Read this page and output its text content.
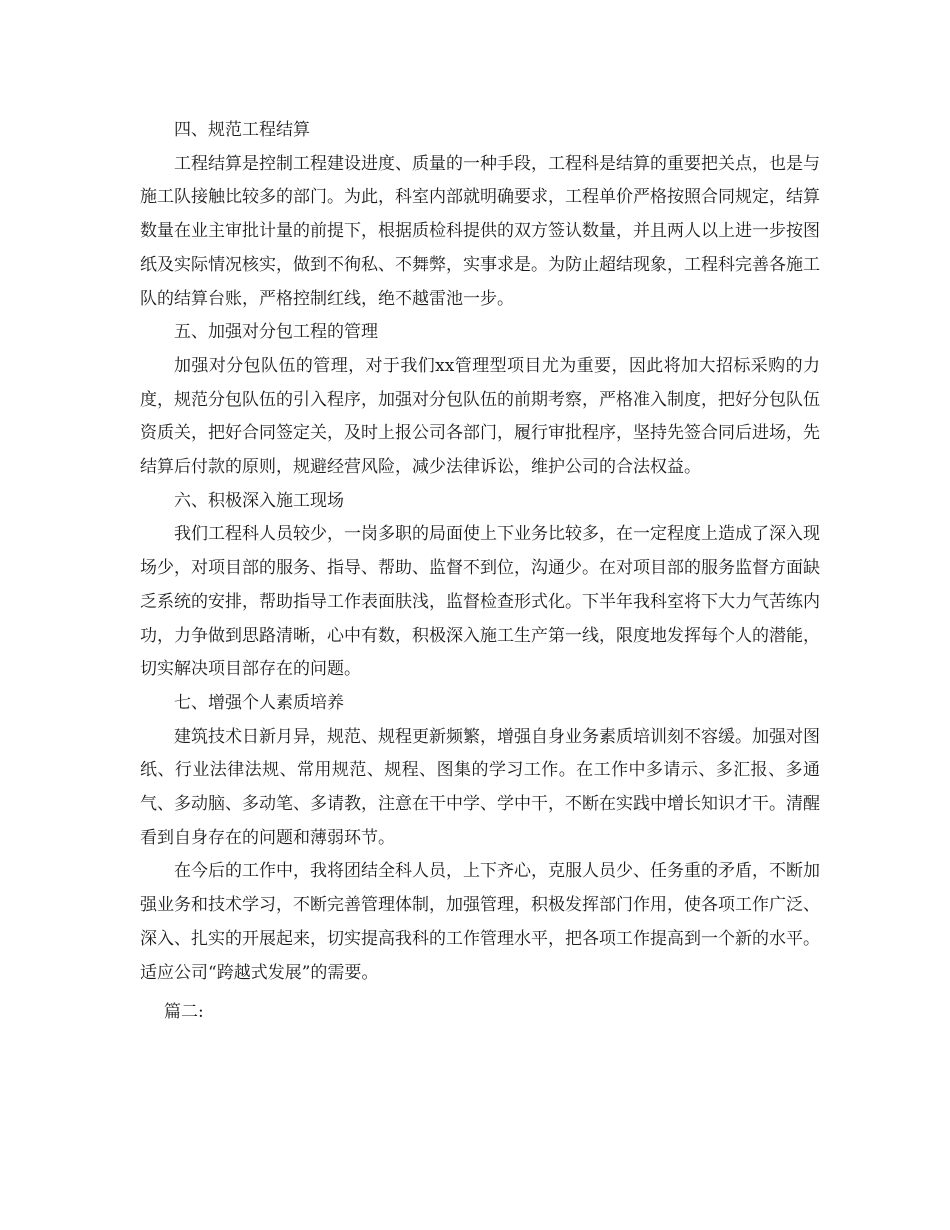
四、规范工程结算

工程结算是控制工程建设进度、质量的一种手段，工程科是结算的重要把关点，也是与施工队接触比较多的部门。为此，科室内部就明确要求，工程单价严格按照合同规定，结算数量在业主审批计量的前提下，根据质检科提供的双方签认数量，并且两人以上进一步按图纸及实际情况核实，做到不徇私、不舞弊，实事求是。为防止超结现象，工程科完善各施工队的结算台账，严格控制红线，绝不越雷池一步。

五、加强对分包工程的管理

加强对分包队伍的管理，对于我们xx管理型项目尤为重要，因此将加大招标采购的力度，规范分包队伍的引入程序，加强对分包队伍的前期考察，严格准入制度，把好分包队伍资质关，把好合同签定关，及时上报公司各部门，履行审批程序，坚持先签合同后进场，先结算后付款的原则，规避经营风险，减少法律诉讼，维护公司的合法权益。

六、积极深入施工现场

我们工程科人员较少，一岗多职的局面使上下业务比较多，在一定程度上造成了深入现场少，对项目部的服务、指导、帮助、监督不到位，沟通少。在对项目部的服务监督方面缺乏系统的安排，帮助指导工作表面肤浅，监督检查形式化。下半年我科室将下大力气苦练内功，力争做到思路清晰，心中有数，积极深入施工生产第一线，限度地发挥每个人的潜能，切实解决项目部存在的问题。

七、增强个人素质培养

建筑技术日新月异，规范、规程更新频繁，增强自身业务素质培训刻不容缓。加强对图纸、行业法律法规、常用规范、规程、图集的学习工作。在工作中多请示、多汇报、多通气、多动脑、多动笔、多请教，注意在干中学、学中干，不断在实践中增长知识才干。清醒看到自身存在的问题和薄弱环节。

在今后的工作中，我将团结全科人员，上下齐心，克服人员少、任务重的矛盾，不断加强业务和技术学习，不断完善管理体制，加强管理，积极发挥部门作用，使各项工作广泛、深入、扎实的开展起来，切实提高我科的工作管理水平，把各项工作提高到一个新的水平。适应公司“跨越式发展”的需要。

篇二:
